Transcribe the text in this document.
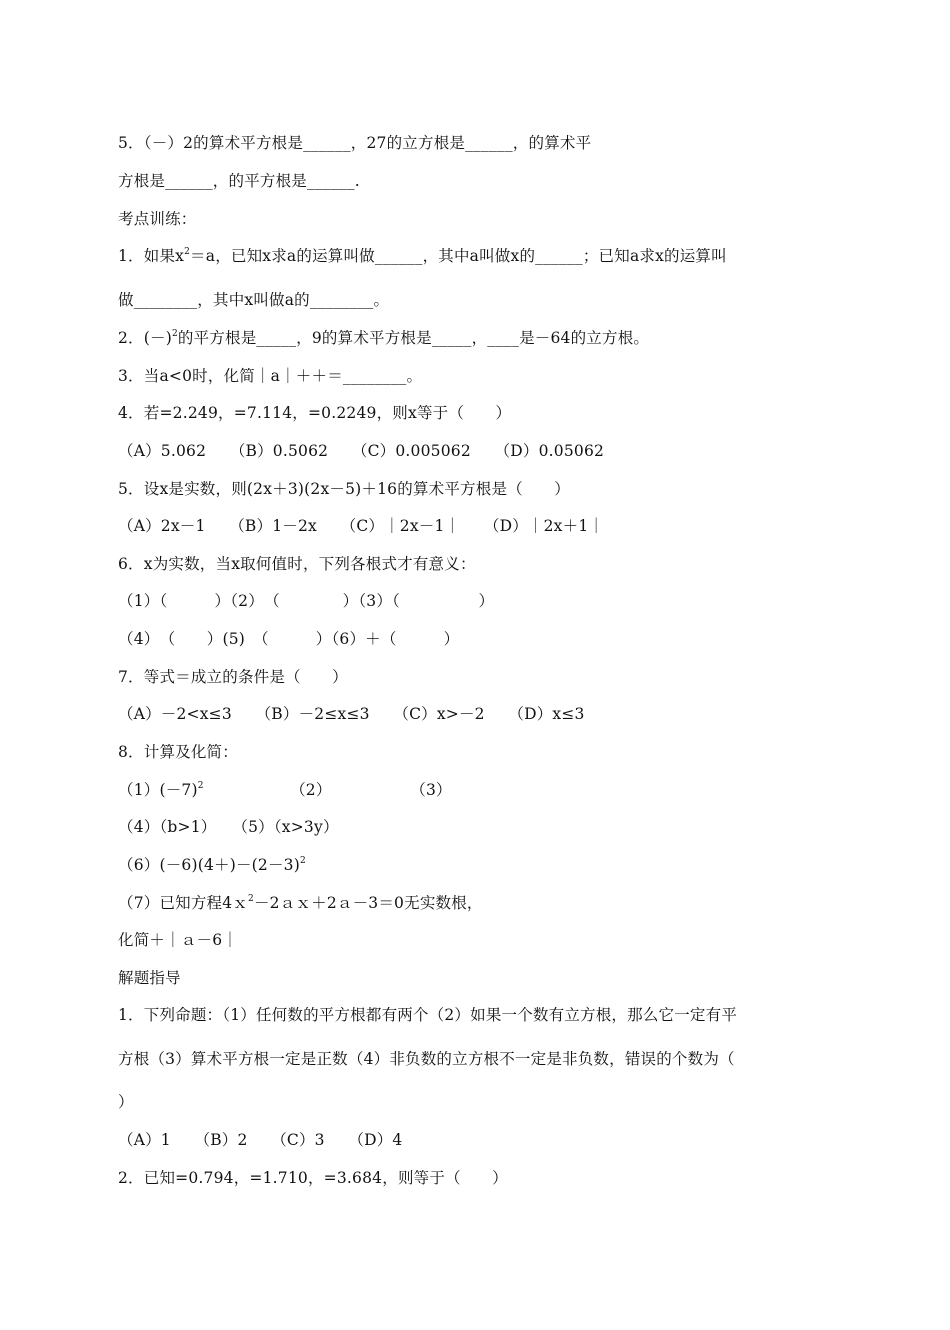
5．（－）2的算术平方根是______，27的立方根是______，的算术平
方根是______，的平方根是______.
考点训练：
1．如果$x^2=a$，已知x求a的运算叫做______，其中a叫做x的______；已知a求x的运算叫
做________，其中x叫做a的________。
2．$(-)^2$的平方根是_____，9的算术平方根是_____，____是－64的立方根。
3．当a<0时，化简｜a｜＋＋＝________。
4．若=2.249，=7.114，=0.2249，则x等于（　　）
（A）5.062　　（B）0.5062　　（C）0.005062　　（D）0.05062
5．设x是实数，则(2x＋3)(2x－5)＋16的算术平方根是（　　）
（A）2x－1　　（B）1－2x　　（C）｜2x－1｜　　（D）｜2x＋1｜
6．x为实数，当x取何值时，下列各根式才有意义：
（1）（　　　）（2）　（　　　　）（3）（　　　　　）
（4）　（　　）(5)　（　　　）（6）＋（　　　）
7．等式＝成立的条件是（　　）
（A）－2<x≤3　　（B）－2≤x≤3　　（C）x>－2　　（D）x≤3
8．计算及化简：
$(1)(-7)^2$　　　　　　（2）　　　　　　（3）
（4）（b>1）　　（5）（x>3y）
$(6)(-6)(4+)-(2-3)^2$
（7）已知方程4ｘ$^2$－2ａｘ＋2ａ－3＝0无实数根，
化简＋｜ａ－6｜
解题指导
1．下列命题：（1）任何数的平方根都有两个（2）如果一个数有立方根，那么它一定有平
方根（3）算术平方根一定是正数（4）非负数的立方根不一定是非负数，错误的个数为（
）
（A）1　　（B）2　　（C）3　　（D）4
2．已知=0.794，=1.710，=3.684，则等于（　　）
